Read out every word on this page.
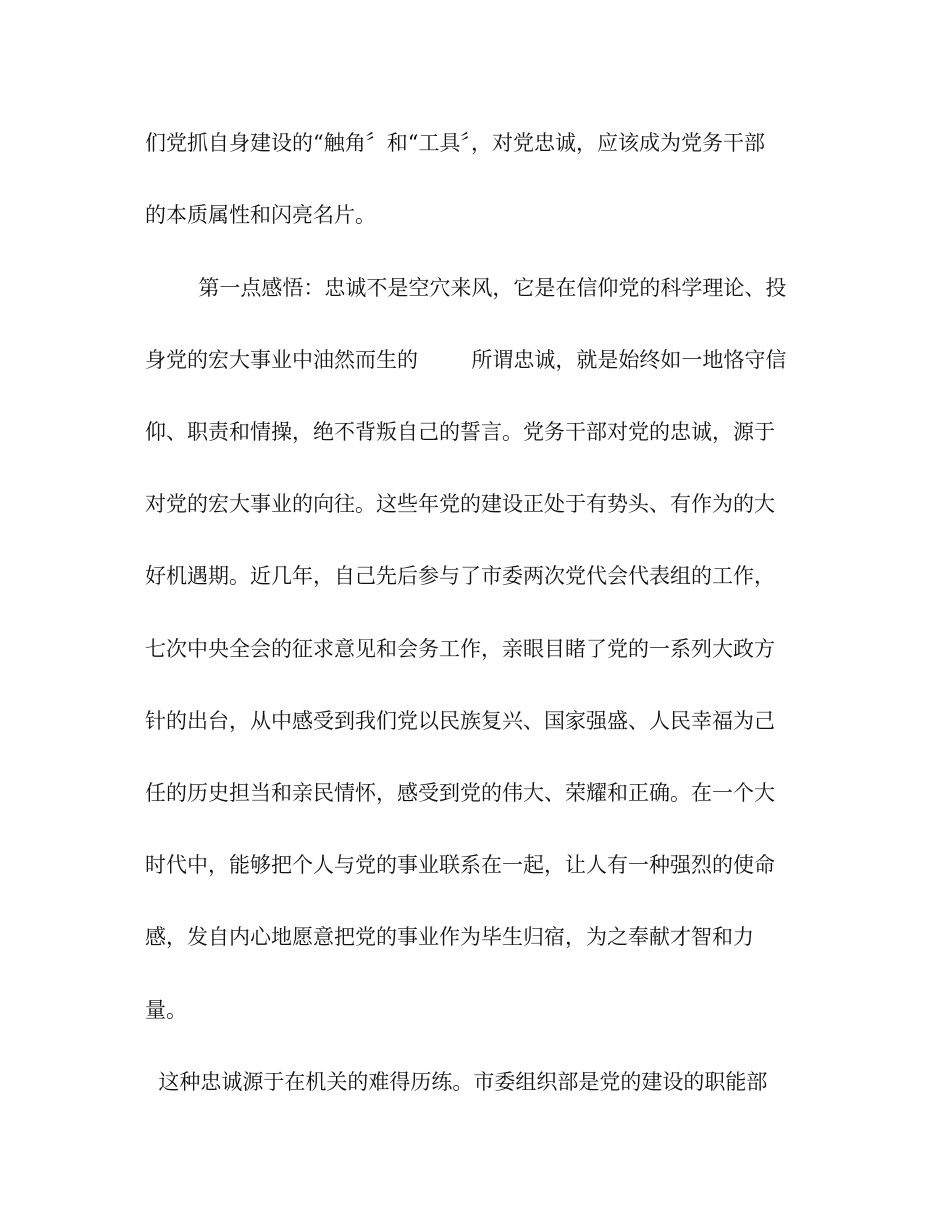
们党抓自身建设的“触角〞和“工具〞，对党忠诚，应该成为党务干部
的本质属性和闪亮名片。
第一点感悟：忠诚不是空穴来风，它是在信仰党的科学理论、投
身党的宏大事业中油然而生的        所谓忠诚，就是始终如一地恪守信
仰、职责和情操，绝不背叛自己的誓言。党务干部对党的忠诚，源于
对党的宏大事业的向往。这些年党的建设正处于有势头、有作为的大
好机遇期。近几年，自己先后参与了市委两次党代会代表组的工作，
七次中央全会的征求意见和会务工作，亲眼目睹了党的一系列大政方
针的出台，从中感受到我们党以民族复兴、国家强盛、人民幸福为己
任的历史担当和亲民情怀，感受到党的伟大、荣耀和正确。在一个大
时代中，能够把个人与党的事业联系在一起，让人有一种强烈的使命
感，发自内心地愿意把党的事业作为毕生归宿，为之奉献才智和力
量。
这种忠诚源于在机关的难得历练。市委组织部是党的建设的职能部
